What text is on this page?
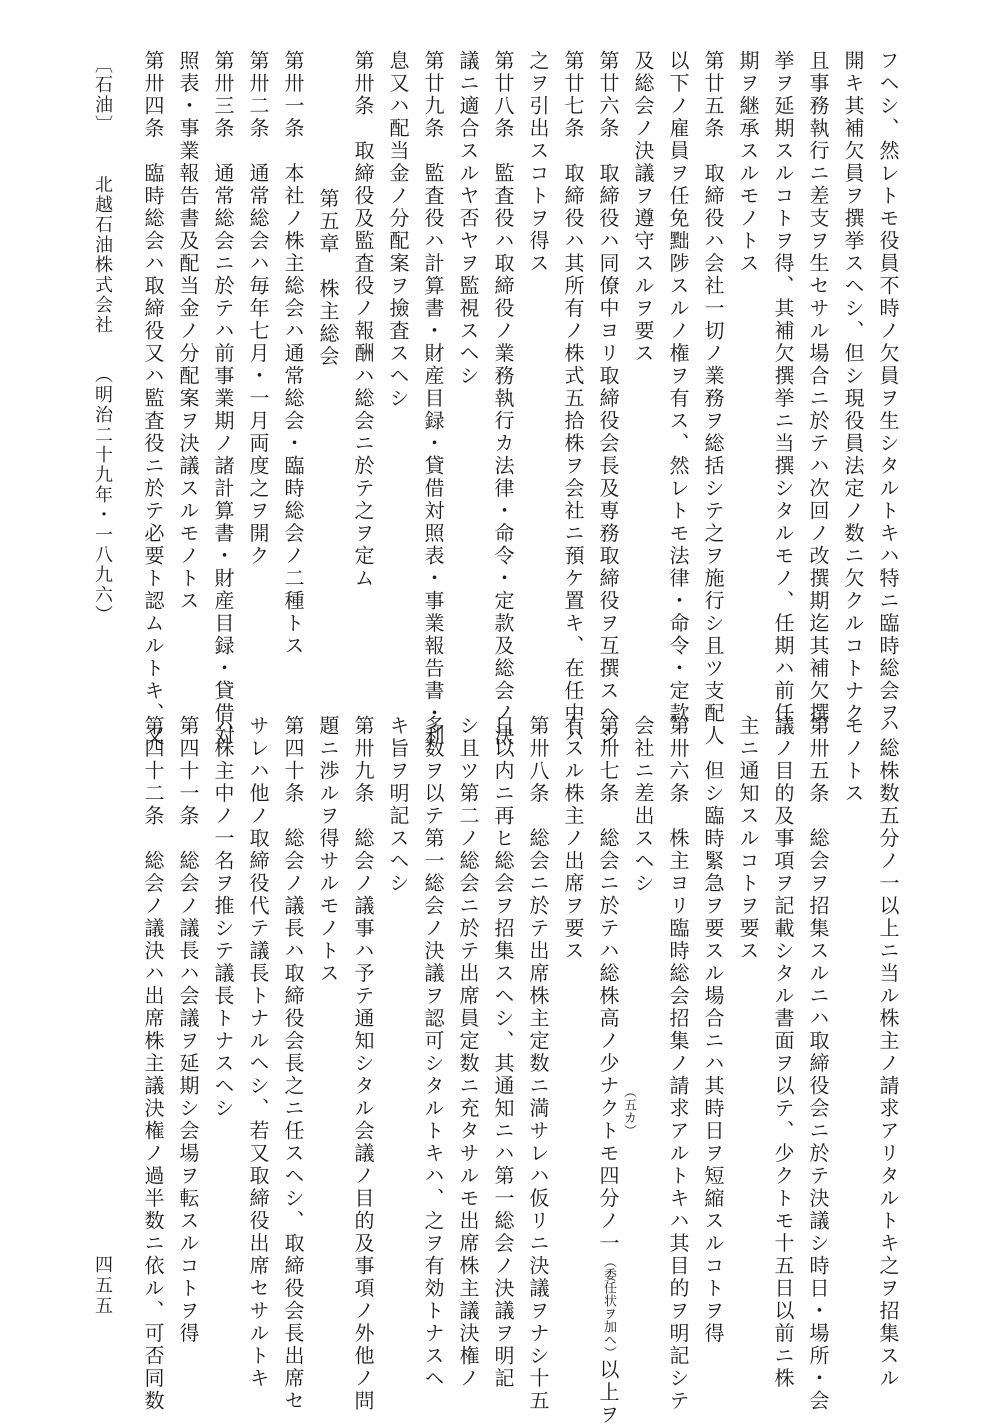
フヘシ、然レトモ役員不時ノ欠員ヲ生シタルトキハ特ニ臨時総会ヲ
開キ其補欠員ヲ撰挙スヘシ、但シ現役員法定ノ数ニ欠クルコトナク
且事務執行ニ差支ヲ生セサル場合ニ於テハ次回ノ改撰期迄其補欠撰
挙ヲ延期スルコトヲ得、其補欠撰挙ニ当撰シタルモノ、任期ハ前任
期ヲ継承スルモノトス
第廿五条　取締役ハ会社一切ノ業務ヲ総括シテ之ヲ施行シ且ツ支配人
以下ノ雇員ヲ任免黜陟スルノ権ヲ有ス、然レトモ法律・命令・定款
及総会ノ決議ヲ遵守スルヲ要ス
第廿六条　取締役ハ同僚中ヨリ取締役会長及専務取締役ヲ互撰スヘシ
第廿七条　取締役ハ其所有ノ株式五拾株ヲ会社ニ預ケ置キ、在任中ハ
之ヲ引出スコトヲ得ス
第廿八条　監査役ハ取締役ノ業務執行カ法律・命令・定款及総会ノ決
議ニ適合スルヤ否ヤヲ監視スヘシ
第廿九条　監査役ハ計算書・財産目録・貸借対照表・事業報告書・利
息又ハ配当金ノ分配案ヲ撿査スヘシ
第卅条　取締役及監査役ノ報酬ハ総会ニ於テ之ヲ定ム
第五章　株主総会
第卅一条　本社ノ株主総会ハ通常総会・臨時総会ノ二種トス
第卅二条　通常総会ハ毎年七月・一月両度之ヲ開ク
第卅三条　通常総会ニ於テハ前事業期ノ諸計算書・財産目録・貸借対
照表・事業報告書及配当金ノ分配案ヲ決議スルモノトス
第卅四条　臨時総会ハ取締役又ハ監査役ニ於テ必要ト認ムルトキ、又
〔石油〕北越石油株式会社（明治二十九年・一八九六）
ハ総株数五分ノ一以上ニ当ル株主ノ請求アリタルトキ之ヲ招集スル
モノトス
第卅五条　総会ヲ招集スルニハ取締役会ニ於テ決議シ時日・場所・会
議ノ目的及事項ヲ記載シタル書面ヲ以テ、少クトモ十五日以前ニ株
主ニ通知スルコトヲ要ス
但シ臨時緊急ヲ要スル場合ニハ其時日ヲ短縮スルコトヲ得
第卅六条　株主ヨリ臨時総会招集ノ請求アルトキハ其目的ヲ明記シテ
会社ニ差出スヘシ
第卅七条　総会ニ於テハ総株高ノ少ナクトモ四分ノ一（委任状ヲ加ヘ）以上ヲ
（五カ）
有スル株主ノ出席ヲ要ス
第卅八条　総会ニ於テ出席株主定数ニ満サレハ仮リニ決議ヲナシ十五
日以内ニ再ヒ総会ヲ招集スヘシ、其通知ニハ第一総会ノ決議ヲ明記
シ且ツ第二ノ総会ニ於テ出席員定数ニ充タサルモ出席株主議決権ノ
多数ヲ以テ第一総会ノ決議ヲ認可シタルトキハ、之ヲ有効トナスヘ
キ旨ヲ明記スヘシ
第卅九条　総会ノ議事ハ予テ通知シタル会議ノ目的及事項ノ外他ノ問
題ニ渉ルヲ得サルモノトス
第四十条　総会ノ議長ハ取締役会長之ニ任スヘシ、取締役会長出席セ
サレハ他ノ取締役代テ議長トナルヘシ、若又取締役出席セサルトキ
ハ株主中ノ一名ヲ推シテ議長トナスヘシ
第四十一条　総会ノ議長ハ会議ヲ延期シ会場ヲ転スルコトヲ得
第四十二条　総会ノ議決ハ出席株主議決権ノ過半数ニ依ル、可否同数
四五五
